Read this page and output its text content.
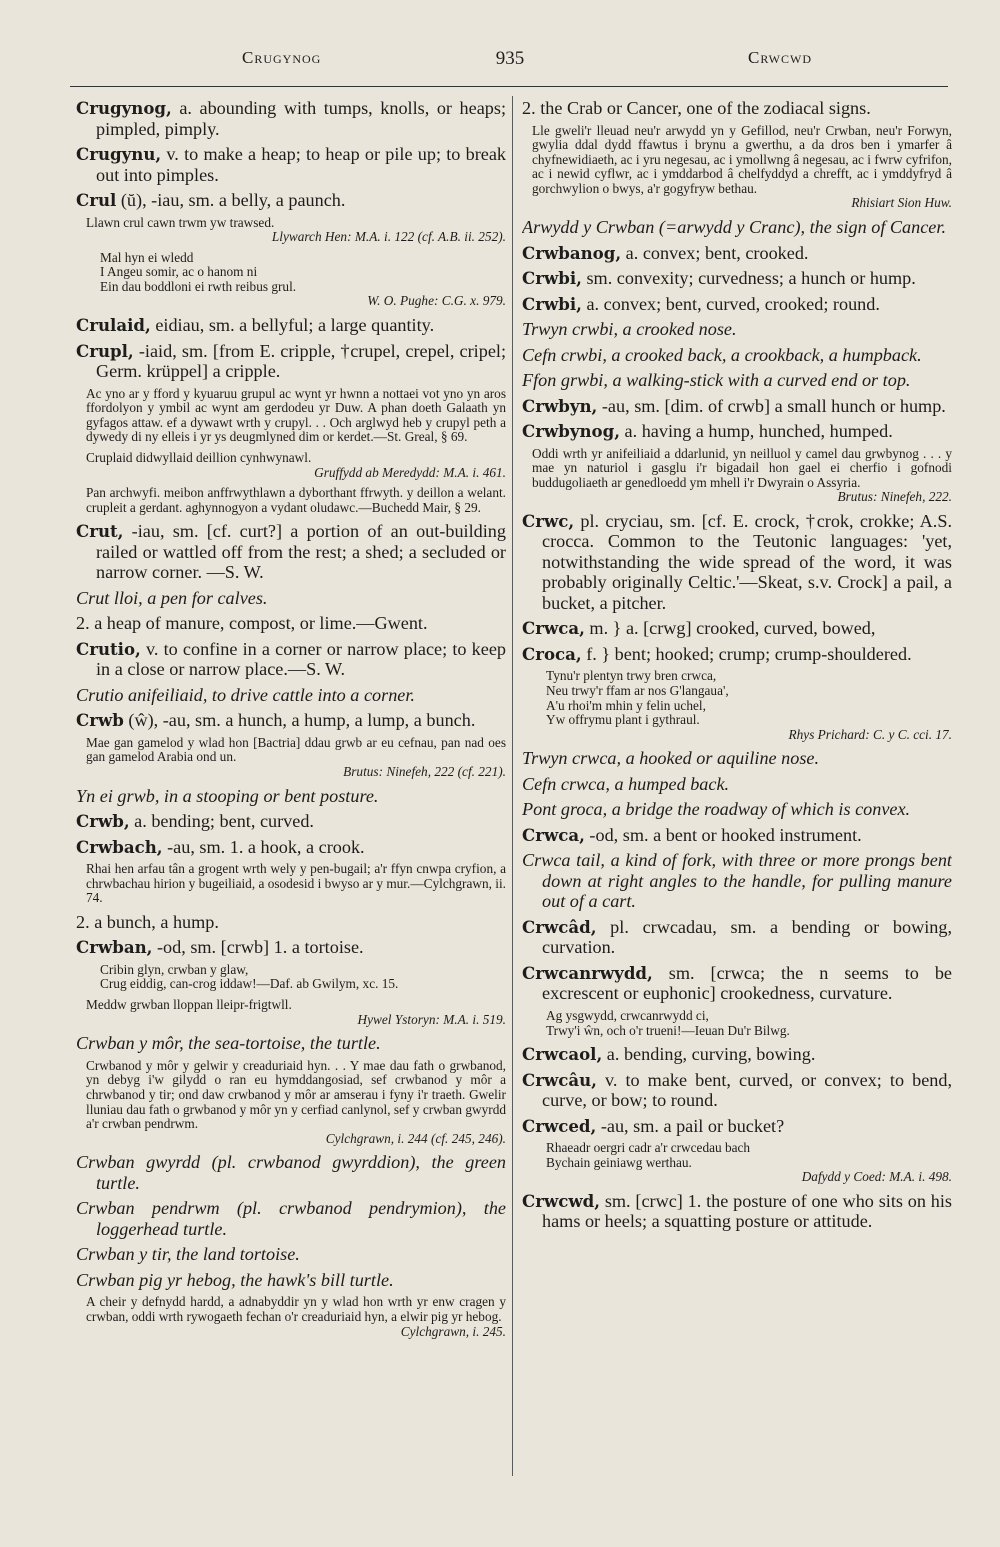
Crugynog	935	Crwcwd

Crugynog, a. abounding with tumps, knolls, or heaps; pimpled, pimply.

Crugynu, v. to make a heap; to heap or pile up; to break out into pimples.

Crul (ŭ), -iau, sm. a belly, a paunch.

Llawn crul cawn trwm yw trawsed.
Llywarch Hen: M.A. i. 122 (cf. A.B. ii. 252).
Mal hyn ei wledd
I Angeu somir, ac o hanom ni
Ein dau boddloni ei rwth reibus grul.
W. O. Pughe: C.G. x. 979.

Crulaid, eidiau, sm. a bellyful; a large quantity.

Crupl, -iaid, sm. [from E. cripple, †crupel, crepel, cripel; Germ. krüppel] a cripple.

Ac yno ar y fford y kyuaruu grupul ac wynt yr hwnn a nottaei vot yno yn aros ffordolyon y ymbil ac wynt am gerdodeu yr Duw. A phan doeth Galaath yn gyfagos attaw. ef a dywawt wrth y crupyl. . . Och arglwyd heb y crupyl peth a dywedy di ny elleis i yr ys deugmlyned dim or kerdet.—St. Greal, § 69.
Cruplaid didwyllaid deillion cynhwynawl.
Gruffydd ab Meredydd: M.A. i. 461.
Pan archwyfi. meibon anffrwythlawn a dyborthant ffrwyth. y deillon a welant. crupleit a gerdant. aghynnogyon a vydant oludawc.—Buchedd Mair, § 29.

Crut, -iau, sm. [cf. curt?] a portion of an out-building railed or wattled off from the rest; a shed; a secluded or narrow corner. —S. W.

Crut lloi, a pen for calves.

2. a heap of manure, compost, or lime.—Gwent.

Crutio, v. to confine in a corner or narrow place; to keep in a close or narrow place.—S. W.

Crutio anifeiliaid, to drive cattle into a corner.

Crwb (ŵ), -au, sm. a hunch, a hump, a lump, a bunch.

Mae gan gamelod y wlad hon [Bactria] ddau grwb ar eu cefnau, pan nad oes gan gamelod Arabia ond un.
Brutus: Ninefeh, 222 (cf. 221).

Yn ei grwb, in a stooping or bent posture.

Crwb, a. bending; bent, curved.

Crwbach, -au, sm. 1. a hook, a crook.

Rhai hen arfau tân a grogent wrth wely y pen-bugail; a'r ffyn cnwpa cryfion, a chrwbachau hirion y bugeiliaid, a osodesid i bwyso ar y mur.—Cylchgrawn, ii. 74.

2. a bunch, a hump.

Crwban, -od, sm. [crwb] 1. a tortoise.

Cribin glyn, crwban y glaw,
Crug eiddig, can-crog iddaw!—Daf. ab Gwilym, xc. 15.
Meddw grwban lloppan lleipr-frigtwll.
Hywel Ystoryn: M.A. i. 519.

Crwban y môr, the sea-tortoise, the turtle.

Crwbanod y môr y gelwir y creaduriaid hyn. . . Y mae dau fath o grwbanod, yn debyg i'w gilydd o ran eu hymddangosiad, sef crwbanod y môr a chrwbanod y tir; ond daw crwbanod y môr ar amserau i fyny i'r traeth. Gwelir lluniau dau fath o grwbanod y môr yn y cerfiad canlynol, sef y crwban gwyrdd a'r crwban pendrwm.
Cylchgrawn, i. 244 (cf. 245, 246).

Crwban gwyrdd (pl. crwbanod gwyrddion), the green turtle.

Crwban pendrwm (pl. crwbanod pendrymion), the loggerhead turtle.

Crwban y tir, the land tortoise.

Crwban pig yr hebog, the hawk's bill turtle.

A cheir y defnydd hardd, a adnabyddir yn y wlad hon wrth yr enw cragen y crwban, oddi wrth rywogaeth fechan o'r creaduriaid hyn, a elwir pig yr hebog.
Cylchgrawn, i. 245.

2. the Crab or Cancer, one of the zodiacal signs.

Lle gweli'r lleuad neu'r arwydd yn y Gefillod, neu'r Crwban, neu'r Forwyn, gwylia ddal dydd ffawtus i brynu a gwerthu, a da dros ben i ymarfer â chyfnewidiaeth, ac i yru negesau, ac i ymollwng â negesau, ac i fwrw cyfrifon, ac i newid cyflwr, ac i ymddarbod â chelfyddyd a chrefft, ac i ymddyfryd â gorchwylion o bwys, a'r gogyfryw bethau.
Rhisiart Sion Huw.

Arwydd y Crwban (=arwydd y Cranc), the sign of Cancer.

Crwbanog, a. convex; bent, crooked.

Crwbi, sm. convexity; curvedness; a hunch or hump.

Crwbi, a. convex; bent, curved, crooked; round.

Trwyn crwbi, a crooked nose.

Cefn crwbi, a crooked back, a crookback, a humpback.

Ffon grwbi, a walking-stick with a curved end or top.

Crwbyn, -au, sm. [dim. of crwb] a small hunch or hump.

Crwbynog, a. having a hump, hunched, humped.

Oddi wrth yr anifeiliaid a ddarlunid, yn neilluol y camel dau grwbynog . . . y mae yn naturiol i gasglu i'r bigadail hon gael ei cherfio i gofnodi buddugoliaeth ar genedloedd ym mhell i'r Dwyrain o Assyria.
Brutus: Ninefeh, 222.

Crwc, pl. cryciau, sm. [cf. E. crock, †crok, crokke; A.S. crocca. Common to the Teutonic languages: 'yet, notwithstanding the wide spread of the word, it was probably originally Celtic.'—Skeat, s.v. Crock] a pail, a bucket, a pitcher.

Crwca, m. } a. [crwg] crooked, curved, bowed,

Croca, f. } bent; hooked; crump; crump-shouldered.

Tynu'r plentyn trwy bren crwca,
Neu trwy'r ffam ar nos G'langaua',
A'u rhoi'm mhin y felin uchel,
Yw offrymu plant i gythraul.
Rhys Prichard: C. y C. cci. 17.

Trwyn crwca, a hooked or aquiline nose.

Cefn crwca, a humped back.

Pont groca, a bridge the roadway of which is convex.

Crwca, -od, sm. a bent or hooked instrument.

Crwca tail, a kind of fork, with three or more prongs bent down at right angles to the handle, for pulling manure out of a cart.

Crwcâd, pl. crwcadau, sm. a bending or bowing, curvation.

Crwcanrwydd, sm. [crwca; the n seems to be excrescent or euphonic] crookedness, curvature.

Ag ysgwydd, crwcanrwydd ci,
Trwy'i ŵn, och o'r trueni!—Ieuan Du'r Bilwg.

Crwcaol, a. bending, curving, bowing.

Crwcâu, v. to make bent, curved, or convex; to bend, curve, or bow; to round.

Crwced, -au, sm. a pail or bucket?

Rhaeadr oergri cadr a'r crwcedau bach
Bychain geiniawg werthau.
Dafydd y Coed: M.A. i. 498.

Crwcwd, sm. [crwc] 1. the posture of one who sits on his hams or heels; a squatting posture or attitude.
